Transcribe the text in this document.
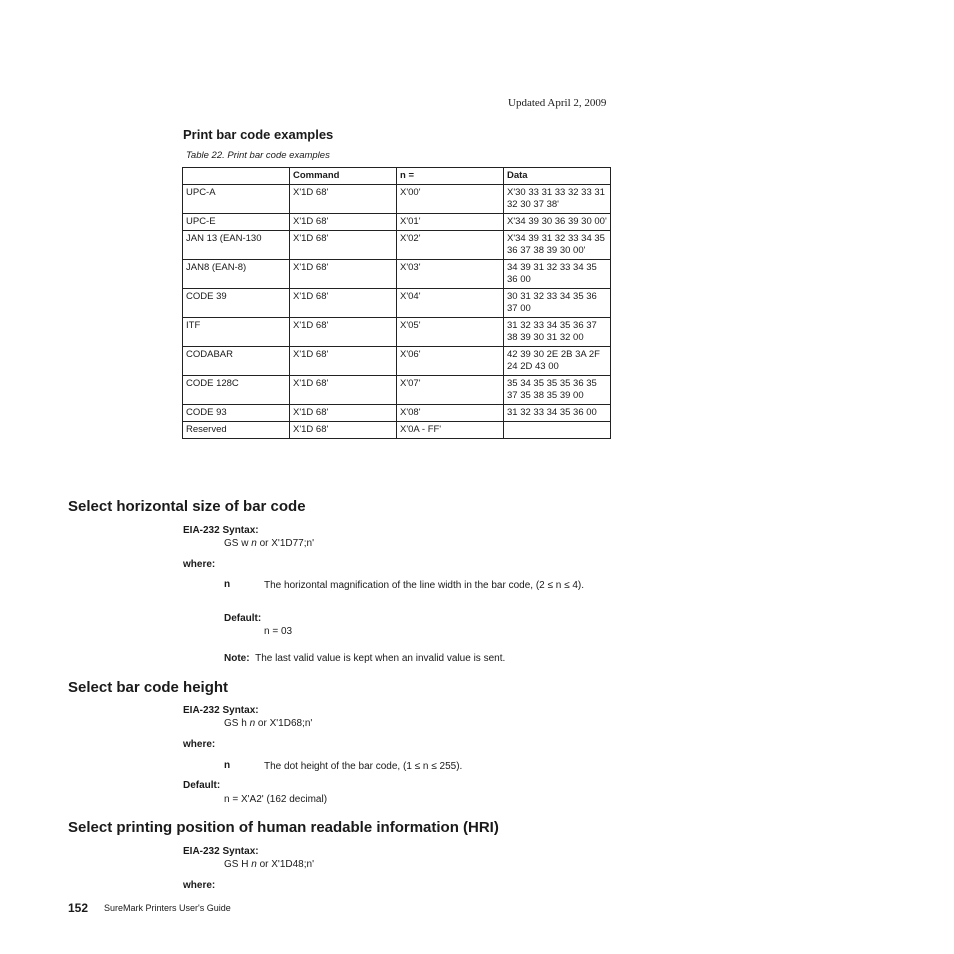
Updated April 2, 2009
Print bar code examples
Table 22. Print bar code examples
	Command	n =	Data
UPC-A	X'1D 68'	X'00'	X'30 33 31 33 32 33 31 32 30 37 38'
UPC-E	X'1D 68'	X'01'	X'34 39 30 36 39 30 00'
JAN 13 (EAN-130	X'1D 68'	X'02'	X'34 39 31 32 33 34 35 36 37 38 39 30 00'
JAN8 (EAN-8)	X'1D 68'	X'03'	34 39 31 32 33 34 35 36 00
CODE 39	X'1D 68'	X'04'	30 31 32 33 34 35 36 37 00
ITF	X'1D 68'	X'05'	31 32 33 34 35 36 37 38 39 30 31 32 00
CODABAR	X'1D 68'	X'06'	42 39 30 2E 2B 3A 2F 24 2D 43 00
CODE 128C	X'1D 68'	X'07'	35 34 35 35 35 36 35 37 35 38 35 39 00
CODE 93	X'1D 68'	X'08'	31 32 33 34 35 36 00
Reserved	X'1D 68'	X'0A - FF'	
Select horizontal size of bar code
EIA-232 Syntax:
GS w n or X'1D77;n'
where:
n	The horizontal magnification of the line width in the bar code, (2 ≤ n ≤ 4).
Default:
n = 03
Note: The last valid value is kept when an invalid value is sent.
Select bar code height
EIA-232 Syntax:
GS h n or X'1D68;n'
where:
n	The dot height of the bar code, (1 ≤ n ≤ 255).
Default:
n = X'A2' (162 decimal)
Select printing position of human readable information (HRI)
EIA-232 Syntax:
GS H n or X'1D48;n'
where:
152 SureMark Printers User's Guide
